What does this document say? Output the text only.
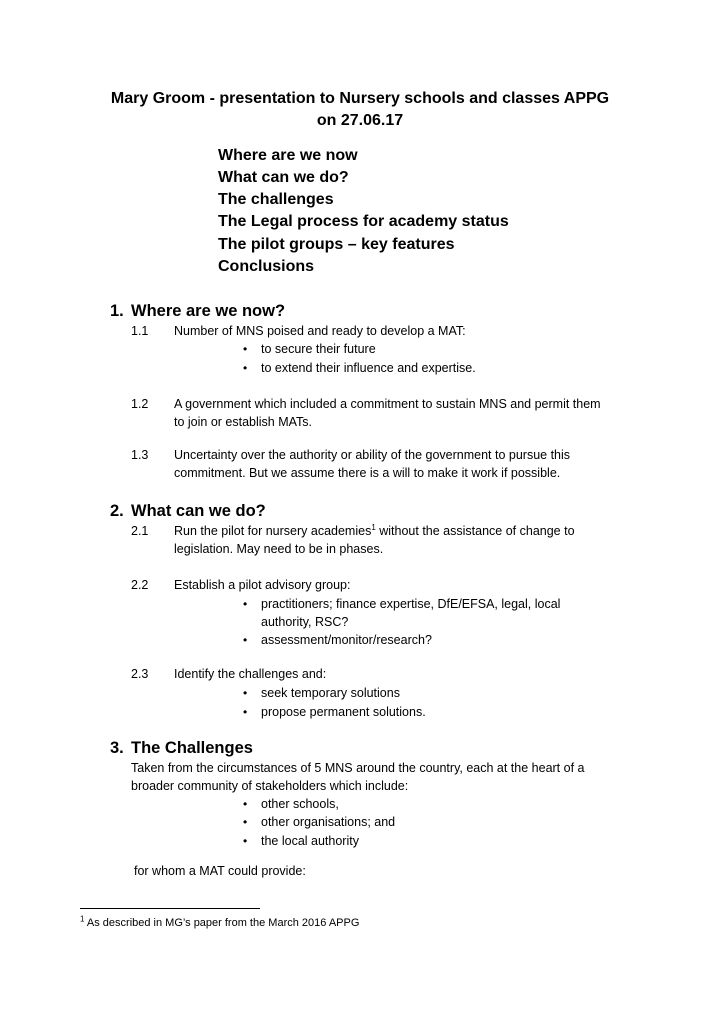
Mary Groom - presentation to Nursery schools and classes APPG
on 27.06.17
Where are we now
What can we do?
The challenges
The Legal process for academy status
The pilot groups – key features
Conclusions
1. Where are we now?
1.1 Number of MNS poised and ready to develop a MAT:
• to secure their future
• to extend their influence and expertise.
1.2 A government which included a commitment to sustain MNS and permit them
to join or establish MATs.
1.3 Uncertainty over the authority or ability of the government to pursue this
commitment. But we assume there is a will to make it work if possible.
2. What can we do?
2.1 Run the pilot for nursery academies$^1$ without the assistance of change to
legislation. May need to be in phases.
2.2 Establish a pilot advisory group:
• practitioners; finance expertise, DfE/EFSA, legal, local
authority, RSC?
• assessment/monitor/research?
2.3 Identify the challenges and:
• seek temporary solutions
• propose permanent solutions.
3. The Challenges
Taken from the circumstances of 5 MNS around the country, each at the heart of a
broader community of stakeholders which include:
• other schools,
• other organisations; and
• the local authority
for whom a MAT could provide:
$^1$ As described in MG’s paper from the March 2016 APPG
